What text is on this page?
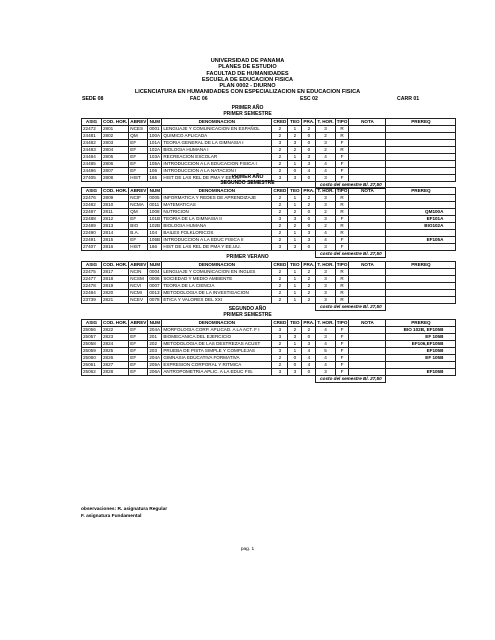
UNIVERSIDAD DE PANAMA
PLANES DE ESTUDIO
FACULTAD DE HUMANIDADES
ESCUELA DE EDUCACION FISICA
PLAN 0002 - DIURNO
LICENCIATURA EN HUMANIDADES CON ESPECIALIZACION EN EDUCACION FISICA
SEDE 08	FAC 06	ESC 02	CARR 01
PRIMER AÑO
PRIMER SEMESTRE
ASIG	COD. HOR.	ABREV	NUM	DENOMINACION	CRED	TEO	PRA.	T. HOR.	TIPO	NOTA	PREREQ
22472	2801	NCES	0001	LENGUAJE Y COMUNICACION EN ESPAÑOL	2	1	2	3	R		
24481	2802	QM	100A	QUIMICO APLICADA	2	2	0	2	R		
24482	2803	EF	101A	TEORIA GENERAL DE LA GIMNASIA I	3	3	0	3	F		
24483	2804	EF	102A	BIOLOGIA HUMANA I	2	2	0	2	R		
24484	2805	EF	103A	RECREACION ESCOLAR	2	1	3	4	F		
24485	2806	EF	105A	INTRODUCCION A LA EDUCACION FISICA I	2	1	3	4	F		
24486	2807	EF	106	INTRODUCCION A LA NATACION I	2	0	4	4	F		
27405	2808	HIST	165	HIST DE LAS REL DE PMA Y EE.UU.	3	3	0	3	F		
								costo del semestre B/. 27,50			
PRIMER AÑO
SEGUNDO SEMESTRE
ASIG	COD. HOR.	ABREV	NUM	DENOMINACION	CRED	TEO	PRA.	T. HOR.	TIPO	NOTA	PREREQ
22476	2809	NCIF	0005	INFORMATICA Y REDES DE APRENDIZAJE	2	1	2	3	R		
22482	2810	NCMA	0011	MATEMATICAS	2	1	2	3	R		
22487	2811	QM	1008	NUTRICION	2	2	0	2	R		QM100A
22488	2812	EF	101B	TEORIA DE LA GIMNASIA II	3	3	0	3	F		EF101A
22489	2813	BIO	102B	BIOLOGIA HUMANA	2	2	0	2	R		BIO102A
22490	2814	B.A.	104	BAILES FOLKLORICOS	2	1	3	4	R		
22491	2815	EF	105B	INTRODUCCION A LA EDUC FISICA II	2	1	3	4	F		EF105A
27407	2816	HIST	166	HIST DE LAS REL DE PMA Y EE.UU.	3	3	0	3	F		
								costo del semestre B/. 27,50			
PRIMER VERANO
ASIG	COD. HOR.	ABREV	NUM	DENOMINACION	CRED	TEO	PRA.	T. HOR.	TIPO	NOTA	PREREQ
22475	2817	NCIN	0004	LENGUAJE Y COMUNICACION EN INGLES	2	1	2	3	R		
22477	2818	NCSM	0006	SOCIEDAD Y MEDIO AMBIENTE	2	1	2	3	R		
22478	2819	NCVI	0007	TEORIA DE LA CIENCIA	2	1	2	3	R		
22484	2820	NCMI	0013	METODOLOGIA DE LA INVESTIGACION	2	1	2	3	R		
23739	2821	NCEV	0078	ETICA Y VALORES DEL XXI	2	1	2	3	R		
								costo del semestre B/. 27,50			
SEGUNDO AÑO
PRIMER SEMESTRE
ASIG	COD. HOR.	ABREV	NUM	DENOMINACION	CRED	TEO	PRA.	T. HOR.	TIPO	NOTA	PREREQ
25056	2822	EF	204A	MORFOLOGIA CORP. APLICAD. A LA ACT. F I	3	2	2	4	F		BIO 102B, EF105B
25057	2823	EF	201	BIOMECANICA DEL EJERCICIO	3	3	0	3	F		EF 105B
25058	2824	EF	202	METODOLOGIA DE LAS DESTREZAS ACUST	2	1	3	4	F		EF106,EF105B
25059	2825	EF	203	PRUEBA DE PISTA SIMPLE Y COMPLEJAS	3	1	4	5	F		EF105B
25060	2826	EF	204A	GIMNASIA EDUCATIVA FORMATIVA	2	0	4	4	F		EF 105B
25061	2827	EF	205A	EXPRESION CORPORAL Y RITMICA	2	0	4	4	F		
25062	2828	EF	206A	ANTROPOMETRIA APLIC. A LA EDUC FIS.	3	3	0	3	F		EF105B
								costo del semestre B/. 27,50			
observaciones: R. asignatura Regular
F. asignatura Fundamental
pag. 1
